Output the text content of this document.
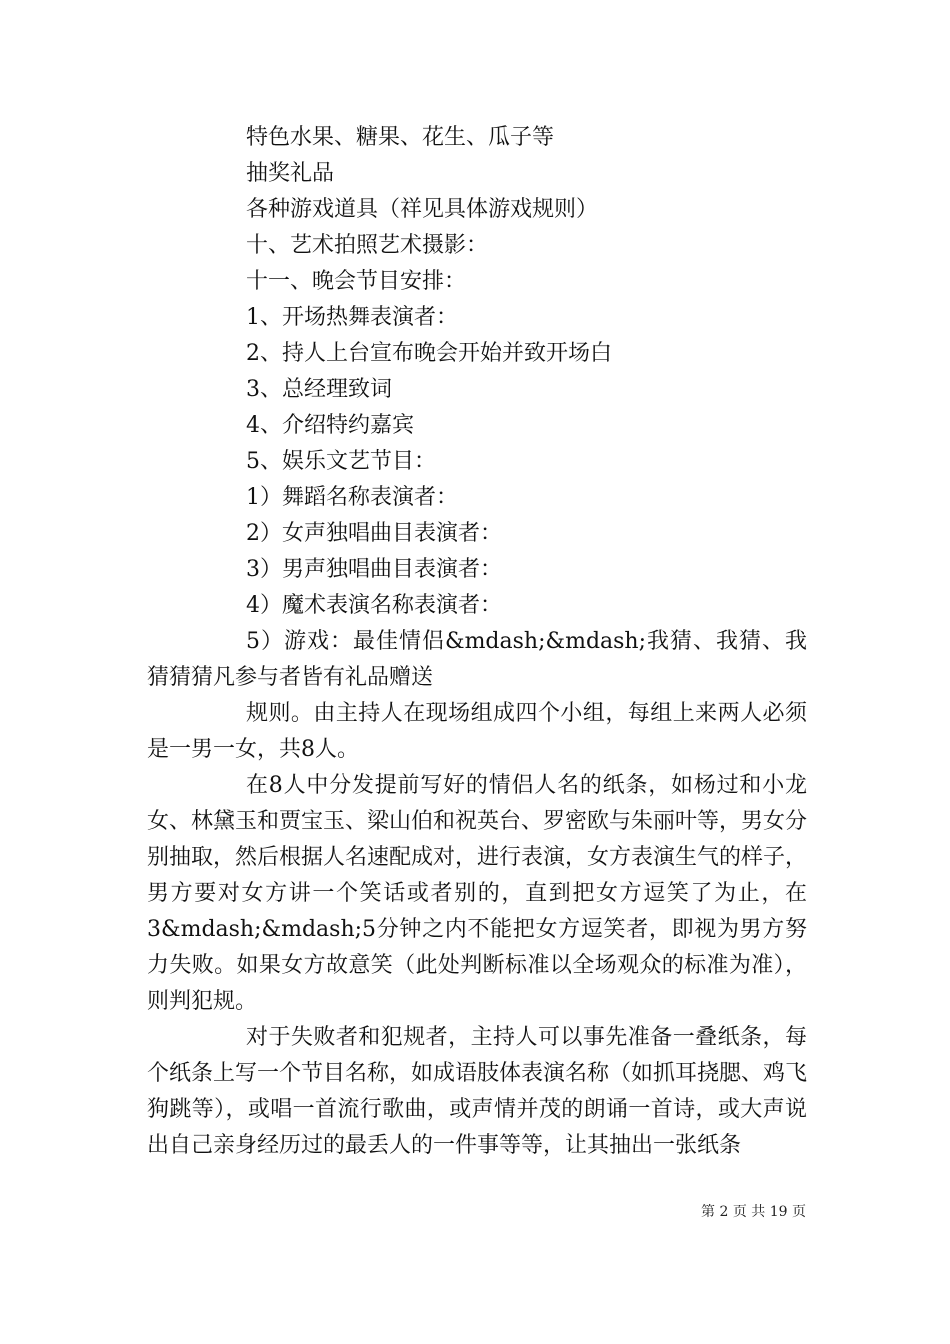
特色水果、糖果、花生、瓜子等

抽奖礼品

各种游戏道具（祥见具体游戏规则）

十、艺术拍照艺术摄影：

十一、晚会节目安排：

1、开场热舞表演者：

2、持人上台宣布晚会开始并致开场白

3、总经理致词

4、介绍特约嘉宾

5、娱乐文艺节目：

1）舞蹈名称表演者：

2）女声独唱曲目表演者：

3）男声独唱曲目表演者：

4）魔术表演名称表演者：

5）游戏：最佳情侣&mdash;&mdash;我猜、我猜、我猜猜猜凡参与者皆有礼品赠送

规则。由主持人在现场组成四个小组，每组上来两人必须是一男一女，共8人。

在8人中分发提前写好的情侣人名的纸条，如杨过和小龙女、林黛玉和贾宝玉、梁山伯和祝英台、罗密欧与朱丽叶等，男女分别抽取，然后根据人名速配成对，进行表演，女方表演生气的样子，男方要对女方讲一个笑话或者别的，直到把女方逗笑了为止，在3&mdash;&mdash;5分钟之内不能把女方逗笑者，即视为男方努力失败。如果女方故意笑（此处判断标准以全场观众的标准为准），则判犯规。

对于失败者和犯规者，主持人可以事先准备一叠纸条，每个纸条上写一个节目名称，如成语肢体表演名称（如抓耳挠腮、鸡飞狗跳等），或唱一首流行歌曲，或声情并茂的朗诵一首诗，或大声说出自己亲身经历过的最丢人的一件事等等，让其抽出一张纸条

第 2 页 共 19 页
